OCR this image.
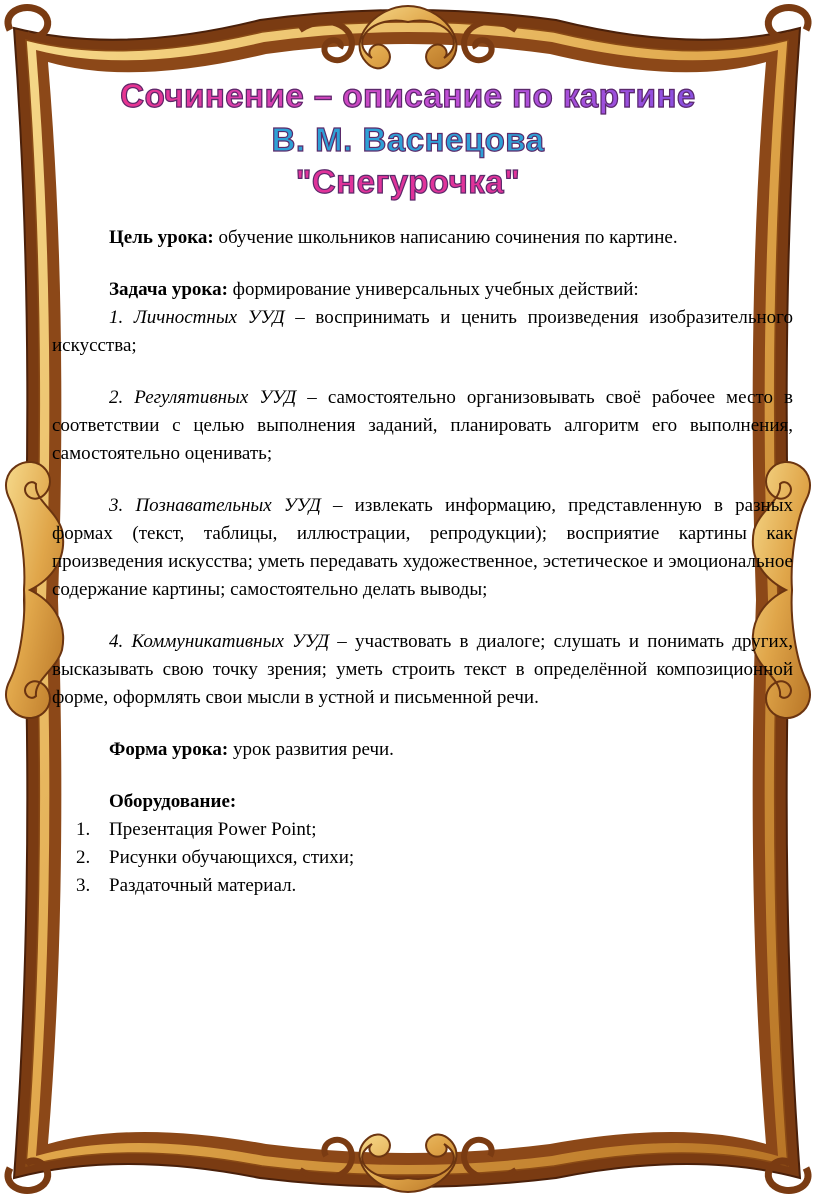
Сочинение – описание по картине
В. М. Васнецова
"Снегурочка"

Цель урока: обучение школьников написанию сочинения по картине.

Задача урока: формирование универсальных учебных действий:

1. Личностных УУД – воспринимать и ценить произведения изобразительного искусства;

2. Регулятивных УУД – самостоятельно организовывать своё рабочее место в соответствии с целью выполнения заданий, планировать алгоритм его выполнения, самостоятельно оценивать;

3. Познавательных УУД – извлекать информацию, представленную в разных формах (текст, таблицы, иллюстрации, репродукции); восприятие картины как произведения искусства; уметь передавать художественное, эстетическое и эмоциональное содержание картины; самостоятельно делать выводы;

4. Коммуникативных УУД – участвовать в диалоге; слушать и понимать других, высказывать свою точку зрения; уметь строить текст в определённой композиционной форме, оформлять свои мысли в устной и письменной речи.

Форма урока: урок развития речи.

Оборудование:

1. Презентация Power Point;
2. Рисунки обучающихся, стихи;
3. Раздаточный материал.
